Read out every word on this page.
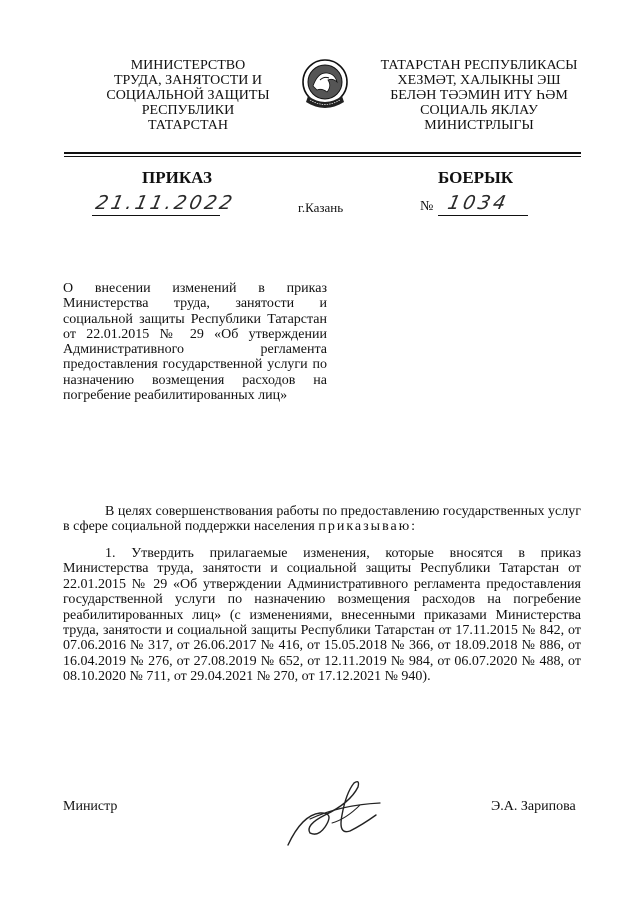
МИНИСТЕРСТВО
ТРУДА, ЗАНЯТОСТИ И
СОЦИАЛЬНОЙ ЗАЩИТЫ
РЕСПУБЛИКИ
ТАТАРСТАН
ТАТАРСТАН РЕСПУБЛИКАСЫ
ХЕЗМӘТ, ХАЛЫКНЫ ЭШ
БЕЛӘН ТӘЭМИН ИТҮ ҺӘМ
СОЦИАЛЬ ЯКЛАУ
МИНИСТРЛЫГЫ
ПРИКАЗ	БОЕРЫК
21.11.2022	г.Казань	№ 1034
О внесении изменений в приказ Министерства труда, занятости и социальной защиты Республики Татарстан от 22.01.2015 № 29 «Об утверждении Административного регламента предоставления государственной услуги по назначению возмещения расходов на погребение реабилитированных лиц»
В целях совершенствования работы по предоставлению государственных услуг в сфере социальной поддержки населения приказываю:
1. Утвердить прилагаемые изменения, которые вносятся в приказ Министерства труда, занятости и социальной защиты Республики Татарстан от 22.01.2015 № 29 «Об утверждении Административного регламента предоставления государственной услуги по назначению возмещения расходов на погребение реабилитированных лиц» (с изменениями, внесенными приказами Министерства труда, занятости и социальной защиты Республики Татарстан от 17.11.2015 № 842, от 07.06.2016 № 317, от 26.06.2017 № 416, от 15.05.2018 № 366, от 18.09.2018 № 886, от 16.04.2019 № 276, от 27.08.2019 № 652, от 12.11.2019 № 984, от 06.07.2020 № 488, от 08.10.2020 № 711, от 29.04.2021 № 270, от 17.12.2021 № 940).
Министр	Э.А. Зарипова
